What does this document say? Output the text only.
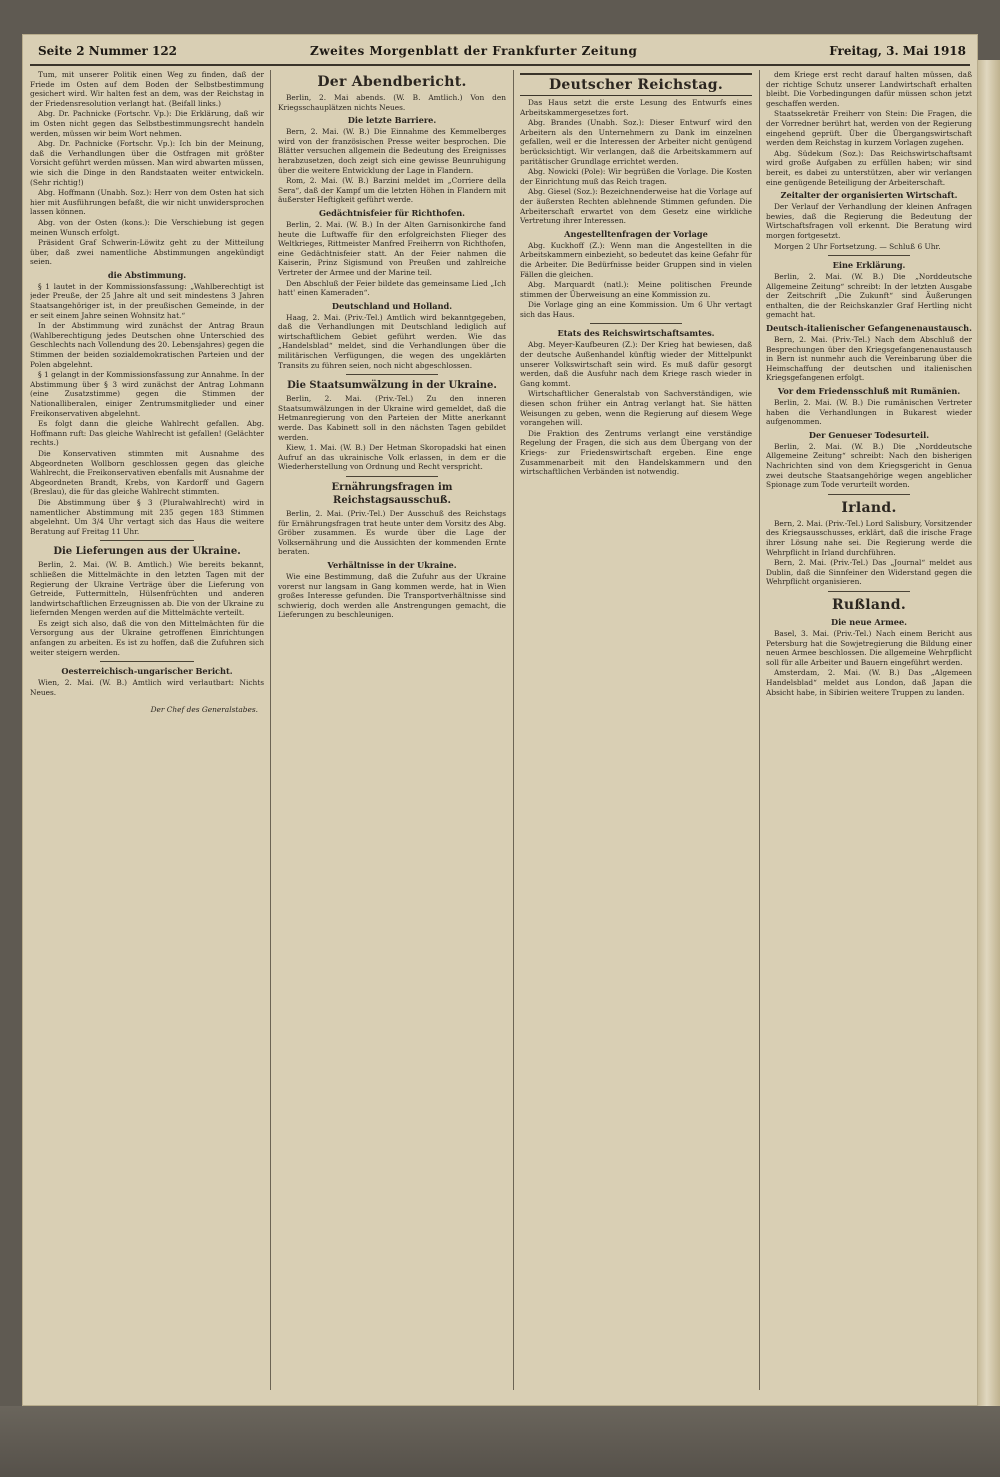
Seite 2 Nummer 122	Zweites Morgenblatt der Frankfurter Zeitung	Freitag, 3. Mai 1918

Tum, mit unserer Politik einen Weg zu finden, daß der Friede im Osten auf dem Boden der Selbstbestimmung gesichert wird. Wir halten fest an dem, was der Reichstag in der Friedensresolution verlangt hat. (Beifall links.)

Abg. Dr. Pachnicke (Fortschr. Vp.): Die Erklärung, daß wir im Osten nicht gegen das Selbstbestimmungsrecht handeln werden, müssen wir beim Wort nehmen.

Abg. Dr. Pachnicke (Fortschr. Vp.): Ich bin der Meinung, daß die Verhandlungen über die Ostfragen mit größter Vorsicht geführt werden müssen. Man wird abwarten müssen, wie sich die Dinge in den Randstaaten weiter entwickeln. (Sehr richtig!)

Abg. Hoffmann (Unabh. Soz.): Herr von dem Osten hat sich hier mit Ausführungen befaßt, die wir nicht unwidersprochen lassen können.

Abg. von der Osten (kons.): Die Verschiebung ist gegen meinen Wunsch erfolgt.

Präsident Graf Schwerin-Löwitz geht zu der Mitteilung über, daß zwei namentliche Abstimmungen angekündigt seien.

die Abstimmung.

§ 1 lautet in der Kommissionsfassung: „Wahlberechtigt ist jeder Preuße, der 25 Jahre alt und seit mindestens 3 Jahren Staatsangehöriger ist, in der preußischen Gemeinde, in der er seit einem Jahre seinen Wohnsitz hat.“

In der Abstimmung wird zunächst der Antrag Braun (Wahlberechtigung jedes Deutschen ohne Unterschied des Geschlechts nach Vollendung des 20. Lebensjahres) gegen die Stimmen der beiden sozialdemokratischen Parteien und der Polen abgelehnt.

§ 1 gelangt in der Kommissionsfassung zur Annahme. In der Abstimmung über § 3 wird zunächst der Antrag Lohmann (eine Zusatzstimme) gegen die Stimmen der Nationalliberalen, einiger Zentrumsmitglieder und einer Freikonservativen abgelehnt.

Es folgt dann die gleiche Wahlrecht gefallen. Abg. Hoffmann ruft: Das gleiche Wahlrecht ist gefallen! (Gelächter rechts.)

Die Konservativen stimmten mit Ausnahme des Abgeordneten Wollborn geschlossen gegen das gleiche Wahlrecht, die Freikonservativen ebenfalls mit Ausnahme der Abgeordneten Brandt, Krebs, von Kardorff und Gagern (Breslau), die für das gleiche Wahlrecht stimmten.

Die Abstimmung über § 3 (Pluralwahlrecht) wird in namentlicher Abstimmung mit 235 gegen 183 Stimmen abgelehnt. Um 3/4 Uhr vertagt sich das Haus die weitere Beratung auf Freitag 11 Uhr.

Die Lieferungen aus der Ukraine.

Berlin, 2. Mai. (W. B. Amtlich.) Wie bereits bekannt, schließen die Mittelmächte in den letzten Tagen mit der Regierung der Ukraine Verträge über die Lieferung von Getreide, Futtermitteln, Hülsenfrüchten und anderen landwirtschaftlichen Erzeugnissen ab. Die von der Ukraine zu liefernden Mengen werden auf die Mittelmächte verteilt.

Es zeigt sich also, daß die von den Mittelmächten für die Versorgung aus der Ukraine getroffenen Einrichtungen anfangen zu arbeiten. Es ist zu hoffen, daß die Zufuhren sich weiter steigern werden.

Oesterreichisch-ungarischer Bericht.

Wien, 2. Mai. (W. B.) Amtlich wird verlautbart: Nichts Neues.

Der Chef des Generalstabes.

Der Abendbericht.

Berlin, 2. Mai abends. (W. B. Amtlich.) Von den Kriegsschauplätzen nichts Neues.

Die letzte Barriere.

Bern, 2. Mai. (W. B.) Die Einnahme des Kemmelberges wird von der französischen Presse weiter besprochen. Die Blätter versuchen allgemein die Bedeutung des Ereignisses herabzusetzen, doch zeigt sich eine gewisse Beunruhigung über die weitere Entwicklung der Lage in Flandern.

Rom, 2. Mai. (W. B.) Barzini meldet im „Corriere della Sera“, daß der Kampf um die letzten Höhen in Flandern mit äußerster Heftigkeit geführt werde.

Gedächtnisfeier für Richthofen.

Berlin, 2. Mai. (W. B.) In der Alten Garnisonkirche fand heute die Luftwaffe für den erfolgreichsten Flieger des Weltkrieges, Rittmeister Manfred Freiherrn von Richthofen, eine Gedächtnisfeier statt. An der Feier nahmen die Kaiserin, Prinz Sigismund von Preußen und zahlreiche Vertreter der Armee und der Marine teil.

Den Abschluß der Feier bildete das gemeinsame Lied „Ich hatt' einen Kameraden“.

Deutschland und Holland.

Haag, 2. Mai. (Priv.-Tel.) Amtlich wird bekanntgegeben, daß die Verhandlungen mit Deutschland lediglich auf wirtschaftlichem Gebiet geführt werden. Wie das „Handelsblad“ meldet, sind die Verhandlungen über die militärischen Verfügungen, die wegen des ungeklärten Transits zu führen seien, noch nicht abgeschlossen.

Die Staatsumwälzung in der Ukraine.

Berlin, 2. Mai. (Priv.-Tel.) Zu den inneren Staatsumwälzungen in der Ukraine wird gemeldet, daß die Hetmanregierung von den Parteien der Mitte anerkannt werde. Das Kabinett soll in den nächsten Tagen gebildet werden.

Kiew, 1. Mai. (W. B.) Der Hetman Skoropadski hat einen Aufruf an das ukrainische Volk erlassen, in dem er die Wiederherstellung von Ordnung und Recht verspricht.

Ernährungsfragen im Reichstagsausschuß.

Berlin, 2. Mai. (Priv.-Tel.) Der Ausschuß des Reichstags für Ernährungsfragen trat heute unter dem Vorsitz des Abg. Gröber zusammen. Es wurde über die Lage der Volksernährung und die Aussichten der kommenden Ernte beraten.

Verhältnisse in der Ukraine.

Wie eine Bestimmung, daß die Zufuhr aus der Ukraine vorerst nur langsam in Gang kommen werde, hat in Wien großes Interesse gefunden. Die Transportverhältnisse sind schwierig, doch werden alle Anstrengungen gemacht, die Lieferungen zu beschleunigen.

Deutscher Reichstag.

Das Haus setzt die erste Lesung des Entwurfs eines Arbeitskammergesetzes fort.

Abg. Brandes (Unabh. Soz.): Dieser Entwurf wird den Arbeitern als den Unternehmern zu Dank im einzelnen gefallen, weil er die Interessen der Arbeiter nicht genügend berücksichtigt. Wir verlangen, daß die Arbeitskammern auf paritätischer Grundlage errichtet werden.

Abg. Nowicki (Pole): Wir begrüßen die Vorlage. Die Kosten der Einrichtung muß das Reich tragen.

Abg. Giesel (Soz.): Bezeichnenderweise hat die Vorlage auf der äußersten Rechten ablehnende Stimmen gefunden. Die Arbeiterschaft erwartet von dem Gesetz eine wirkliche Vertretung ihrer Interessen.

Angestelltenfragen der Vorlage

Abg. Kuckhoff (Z.): Wenn man die Angestellten in die Arbeitskammern einbezieht, so bedeutet das keine Gefahr für die Arbeiter. Die Bedürfnisse beider Gruppen sind in vielen Fällen die gleichen.

Abg. Marquardt (natl.): Meine politischen Freunde stimmen der Überweisung an eine Kommission zu.

Die Vorlage ging an eine Kommission. Um 6 Uhr vertagt sich das Haus.

Etats des Reichswirtschaftsamtes.

Abg. Meyer-Kaufbeuren (Z.): Der Krieg hat bewiesen, daß der deutsche Außenhandel künftig wieder der Mittelpunkt unserer Volkswirtschaft sein wird. Es muß dafür gesorgt werden, daß die Ausfuhr nach dem Kriege rasch wieder in Gang kommt.

Wirtschaftlicher Generalstab von Sachverständigen, wie diesen schon früher ein Antrag verlangt hat. Sie hätten Weisungen zu geben, wenn die Regierung auf diesem Wege vorangehen will.

Die Fraktion des Zentrums verlangt eine verständige Regelung der Fragen, die sich aus dem Übergang von der Kriegs- zur Friedenswirtschaft ergeben. Eine enge Zusammenarbeit mit den Handelskammern und den wirtschaftlichen Verbänden ist notwendig.

dem Kriege erst recht darauf halten müssen, daß der richtige Schutz unserer Landwirtschaft erhalten bleibt. Die Vorbedingungen dafür müssen schon jetzt geschaffen werden.

Staatssekretär Freiherr von Stein: Die Fragen, die der Vorredner berührt hat, werden von der Regierung eingehend geprüft. Über die Übergangswirtschaft werden dem Reichstag in kurzem Vorlagen zugehen.

Abg. Südekum (Soz.): Das Reichswirtschaftsamt wird große Aufgaben zu erfüllen haben; wir sind bereit, es dabei zu unterstützen, aber wir verlangen eine genügende Beteiligung der Arbeiterschaft.

Zeitalter der organisierten Wirtschaft.

Der Verlauf der Verhandlung der kleinen Anfragen bewies, daß die Regierung die Bedeutung der Wirtschaftsfragen voll erkennt. Die Beratung wird morgen fortgesetzt.

Morgen 2 Uhr Fortsetzung. — Schluß 6 Uhr.

Eine Erklärung.

Berlin, 2. Mai. (W. B.) Die „Norddeutsche Allgemeine Zeitung“ schreibt: In der letzten Ausgabe der Zeitschrift „Die Zukunft“ sind Äußerungen enthalten, die der Reichskanzler Graf Hertling nicht gemacht hat.

Deutsch-italienischer Gefangenenaustausch.

Bern, 2. Mai. (Priv.-Tel.) Nach dem Abschluß der Besprechungen über den Kriegsgefangenenaustausch in Bern ist nunmehr auch die Vereinbarung über die Heimschaffung der deutschen und italienischen Kriegsgefangenen erfolgt.

Vor dem Friedensschluß mit Rumänien.

Berlin, 2. Mai. (W. B.) Die rumänischen Vertreter haben die Verhandlungen in Bukarest wieder aufgenommen.

Der Genueser Todesurteil.

Berlin, 2. Mai. (W. B.) Die „Norddeutsche Allgemeine Zeitung“ schreibt: Nach den bisherigen Nachrichten sind von dem Kriegsgericht in Genua zwei deutsche Staatsangehörige wegen angeblicher Spionage zum Tode verurteilt worden.

Irland.

Bern, 2. Mai. (Priv.-Tel.) Lord Salisbury, Vorsitzender des Kriegsausschusses, erklärt, daß die irische Frage ihrer Lösung nahe sei. Die Regierung werde die Wehrpflicht in Irland durchführen.

Bern, 2. Mai. (Priv.-Tel.) Das „Journal“ meldet aus Dublin, daß die Sinnfeiner den Widerstand gegen die Wehrpflicht organisieren.

Rußland.
Die neue Armee.

Basel, 3. Mai. (Priv.-Tel.) Nach einem Bericht aus Petersburg hat die Sowjetregierung die Bildung einer neuen Armee beschlossen. Die allgemeine Wehrpflicht soll für alle Arbeiter und Bauern eingeführt werden.

Amsterdam, 2. Mai. (W. B.) Das „Algemeen Handelsblad“ meldet aus London, daß Japan die Absicht habe, in Sibirien weitere Truppen zu landen.
